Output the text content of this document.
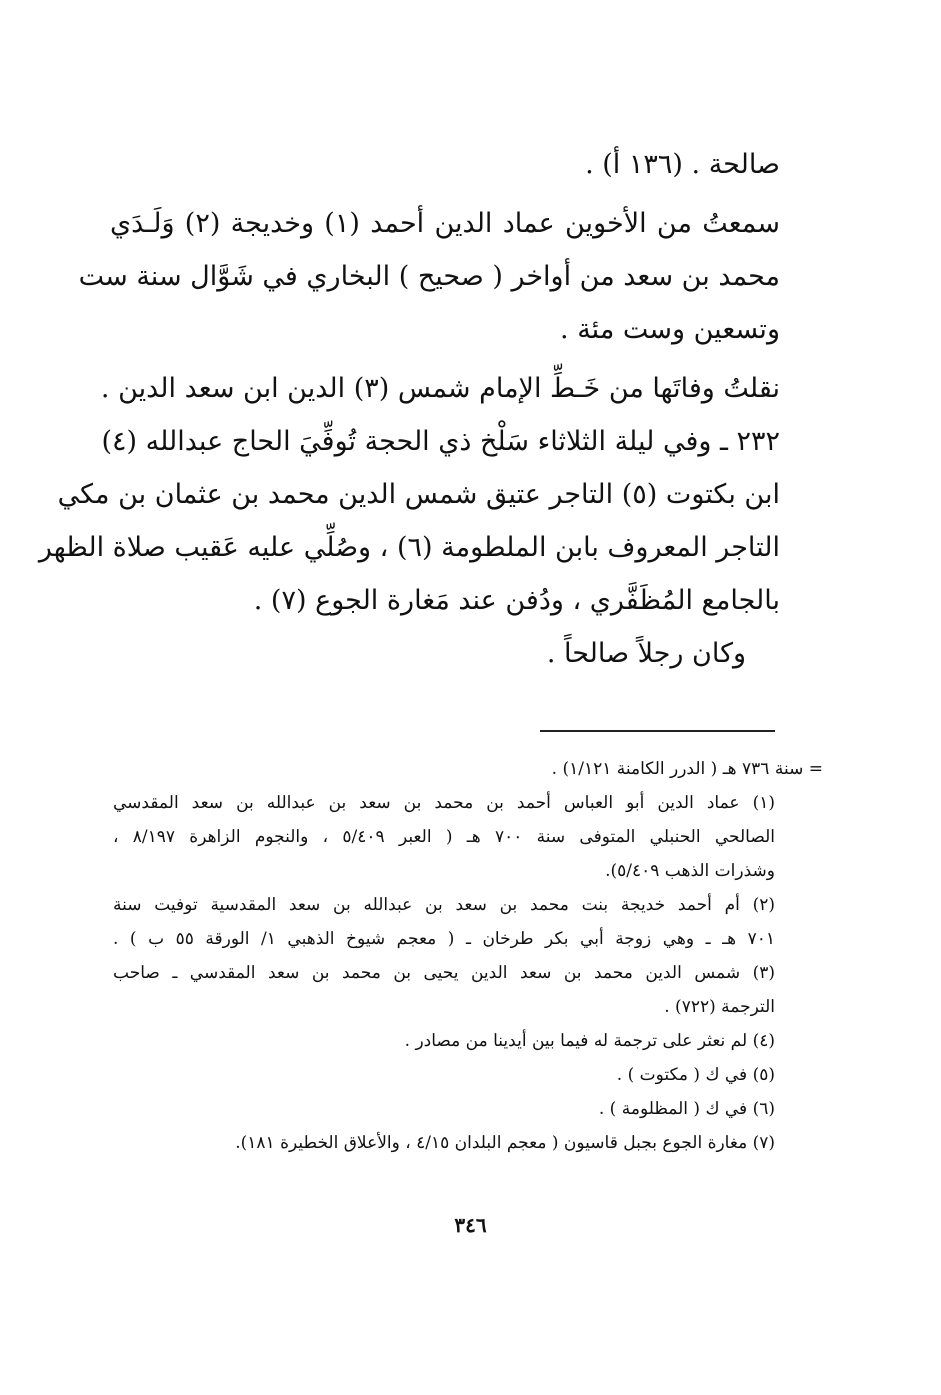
صالحة . (١٣٦ أ) .
سمعتُ من الأخوين عماد الدين أحمد (١) وخديجة (٢) وَلَـدَي
محمد بن سعد من أواخر ( صحيح ) البخاري في شَوَّال سنة ست
وتسعين وست مئة .
نقلتُ وفاتَها من خَـطِّ الإمام شمس (٣) الدين ابن سعد الدين .
٢٣٢ ـ وفي ليلة الثلاثاء سَلْخ ذي الحجة تُوفِّيَ الحاج عبدالله (٤)
ابن بكتوت (٥) التاجر عتيق شمس الدين محمد بن عثمان بن مكي
التاجر المعروف بابن الملطومة (٦) ، وصُلِّي عليه عَقيب صلاة الظهر
بالجامع المُظَفَّري ، ودُفن عند مَغارة الجوع (٧) .
وكان رجلاً صالحاً .
= سنة ٧٣٦ هـ ( الدرر الكامنة ١/١٢١) .
(١) عماد الدين أبو العباس أحمد بن محمد بن سعد بن عبدالله بن سعد المقدسي
الصالحي الحنبلي المتوفى سنة ٧٠٠ هـ ( العبر ٥/٤٠٩ ، والنجوم الزاهرة ٨/١٩٧ ،
وشذرات الذهب ٥/٤٠٩).
(٢) أم أحمد خديجة بنت محمد بن سعد بن عبدالله بن سعد المقدسية توفيت سنة
٧٠١ هـ ـ وهي زوجة أبي بكر طرخان ـ ( معجم شيوخ الذهبي ١/ الورقة ٥٥ ب ) .
(٣) شمس الدين محمد بن سعد الدين يحيى بن محمد بن سعد المقدسي ـ صاحب
الترجمة (٧٢٢) .
(٤) لم نعثر على ترجمة له فيما بين أيدينا من مصادر .
(٥) في ك ( مكتوت ) .
(٦) في ك ( المظلومة ) .
(٧) مغارة الجوع بجبل قاسيون ( معجم البلدان ٤/١٥ ، والأعلاق الخطيرة ١٨١).
٣٤٦
